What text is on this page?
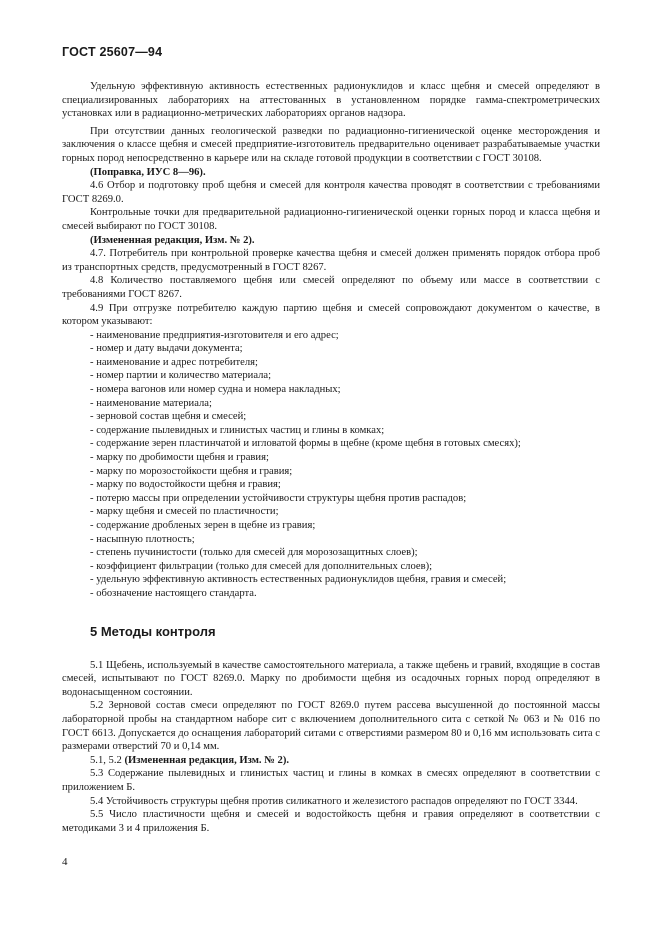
ГОСТ 25607—94

Удельную эффективную активность естественных радионуклидов и класс щебня и смесей определяют в специализированных лабораториях на аттестованных в установленном порядке гамма-спектрометрических установках или в радиационно-метрических лабораториях органов надзора.

При отсутствии данных геологической разведки по радиационно-гигиенической оценке месторождения и заключения о классе щебня и смесей предприятие-изготовитель предварительно оценивает разрабатываемые участки горных пород непосредственно в карьере или на складе готовой продукции в соответствии с ГОСТ 30108.

(Поправка, ИУС 8—96).

4.6 Отбор и подготовку проб щебня и смесей для контроля качества проводят в соответствии с требованиями ГОСТ 8269.0.

Контрольные точки для предварительной радиационно-гигиенической оценки горных пород и класса щебня и смесей выбирают по ГОСТ 30108.

(Измененная редакция, Изм. № 2).

4.7. Потребитель при контрольной проверке качества щебня и смесей должен применять порядок отбора проб из транспортных средств, предусмотренный в ГОСТ 8267.

4.8 Количество поставляемого щебня или смесей определяют по объему или массе в соответствии с требованиями ГОСТ 8267.

4.9 При отгрузке потребителю каждую партию щебня и смесей сопровождают документом о качестве, в котором указывают:

- наименование предприятия-изготовителя и его адрес;
- номер и дату выдачи документа;
- наименование и адрес потребителя;
- номер партии и количество материала;
- номера вагонов или номер судна и номера накладных;
- наименование материала;
- зерновой состав щебня и смесей;
- содержание пылевидных и глинистых частиц и глины в комках;
- содержание зерен пластинчатой и игловатой формы в щебне (кроме щебня в готовых смесях);
- марку по дробимости щебня и гравия;
- марку по морозостойкости щебня и гравия;
- марку по водостойкости щебня и гравия;
- потерю массы при определении устойчивости структуры щебня против распадов;
- марку щебня и смесей по пластичности;
- содержание дробленых зерен в щебне из гравия;
- насыпную плотность;
- степень пучинистости (только для смесей для морозозащитных слоев);
- коэффициент фильтрации (только для смесей для дополнительных слоев);
- удельную эффективную активность естественных радионуклидов щебня, гравия и смесей;
- обозначение настоящего стандарта.
5 Методы контроля

5.1 Щебень, используемый в качестве самостоятельного материала, а также щебень и гравий, входящие в состав смесей, испытывают по ГОСТ 8269.0. Марку по дробимости щебня из осадочных горных пород определяют в водонасыщенном состоянии.

5.2 Зерновой состав смеси определяют по ГОСТ 8269.0 путем рассева высушенной до постоянной массы лабораторной пробы на стандартном наборе сит с включением дополнительного сита с сеткой № 063 и № 016 по ГОСТ 6613. Допускается до оснащения лабораторий ситами с отверстиями размером 80 и 0,16 мм использовать сита с размерами отверстий 70 и 0,14 мм.

5.1, 5.2 (Измененная редакция, Изм. № 2).

5.3 Содержание пылевидных и глинистых частиц и глины в комках в смесях определяют в соответствии с приложением Б.

5.4 Устойчивость структуры щебня против силикатного и железистого распадов определяют по ГОСТ 3344.

5.5 Число пластичности щебня и смесей и водостойкость щебня и гравия определяют в соответствии с методиками 3 и 4 приложения Б.

4
